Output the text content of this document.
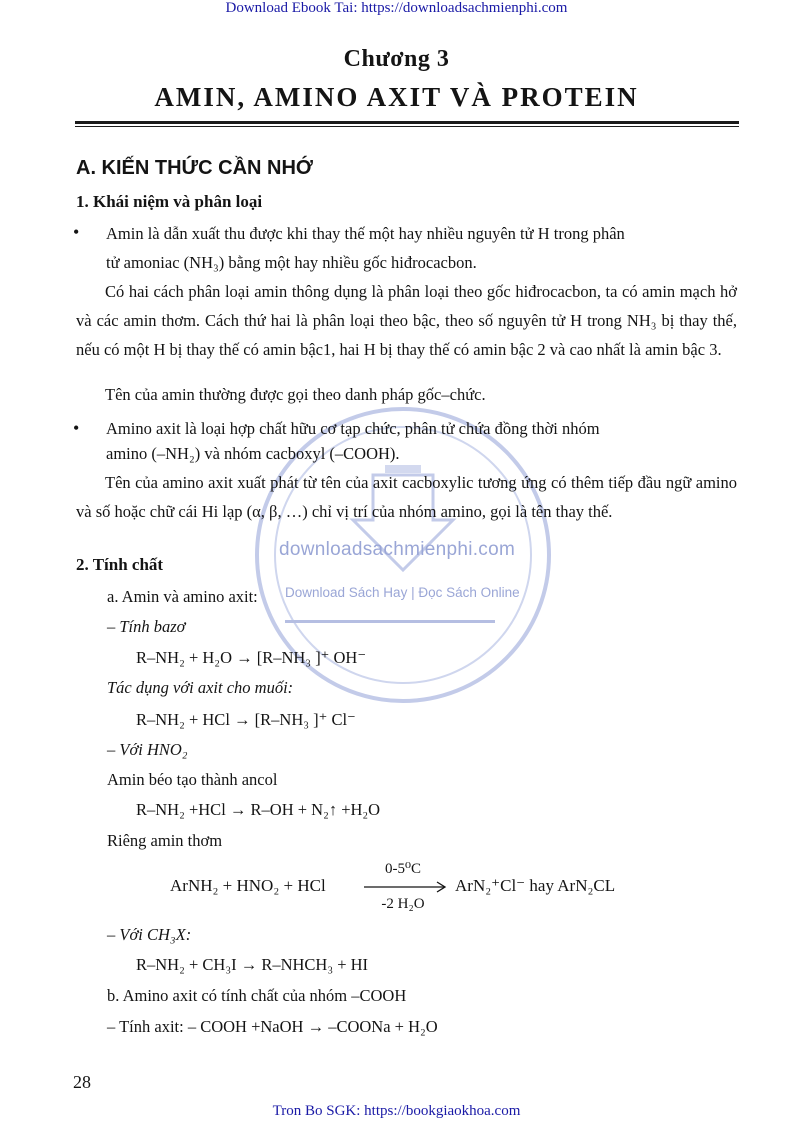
Download Ebook Tai: https://downloadsachmienphi.com
downloadsachmienphi.com
Download Sách Hay | Đọc Sách Online
Chương 3
AMIN, AMINO AXIT VÀ PROTEIN
A. KIẾN THỨC CẦN NHỚ
1. Khái niệm và phân loại
• Amin là dẫn xuất thu được khi thay thế một hay nhiều nguyên tử H trong phân
tử amoniac (NH₃) bằng một hay nhiều gốc hiđrocacbon.
Có hai cách phân loại amin thông dụng là phân loại theo gốc hiđrocacbon, ta có amin mạch hở và các amin thơm. Cách thứ hai là phân loại theo bậc, theo số nguyên tử H trong NH₃ bị thay thế, nếu có một H bị thay thế có amin bậc1, hai H bị thay thế có amin bậc 2 và cao nhất là amin bậc 3.
Tên của amin thường được gọi theo danh pháp gốc–chức.
• Amino axit là loại hợp chất hữu cơ tạp chức, phân tử chứa đồng thời nhóm
amino (–NH₂) và nhóm cacboxyl (–COOH).
Tên của amino axit xuất phát từ tên của axit cacboxylic tương ứng có thêm tiếp đầu ngữ amino và số hoặc chữ cái Hi lạp (α, β, …) chỉ vị trí của nhóm amino, gọi là tên thay thế.
2. Tính chất
a. Amin và amino axit:
– Tính bazơ
R–NH₂ + H₂O → [R–NH₃ ]⁺ OH⁻
Tác dụng với axit cho muối:
R–NH₂ + HCl → [R–NH₃ ]⁺ Cl⁻
– Với HNO₂
Amin béo tạo thành ancol
R–NH₂ +HCl → R–OH + N₂↑ +H₂O
Riêng amin thơm
ArNH₂ + HNO₂ + HCl
0-5⁰C
-2 H₂O
ArN₂⁺Cl⁻ hay ArN₂CL
– Với CH₃X:
R–NH₂ + CH₃I → R–NHCH₃ + HI
b. Amino axit có tính chất của nhóm –COOH
– Tính axit: – COOH +NaOH → –COONa + H₂O
28
Tron Bo SGK: https://bookgiaokhoa.com
